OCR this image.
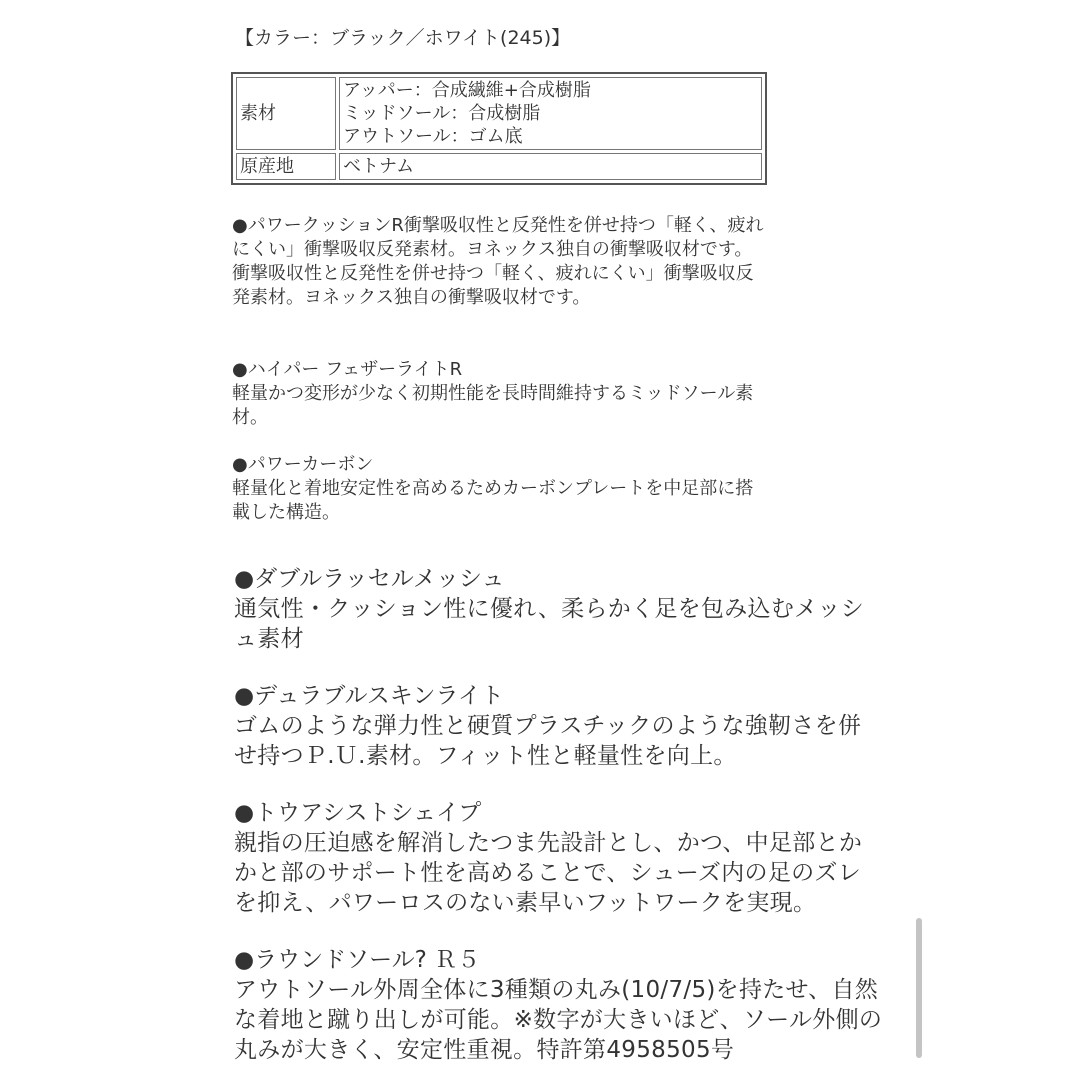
【カラー：ブラック／ホワイト(245)】
素材	アッパー：合成繊維+合成樹脂
ミッドソール：合成樹脂
アウトソール：ゴム底

原産地	ベトナム
●パワークッションR衝撃吸収性と反発性を併せ持つ「軽く、疲れにくい」衝撃吸収反発素材。ヨネックス独自の衝撃吸収材です。
衝撃吸収性と反発性を併せ持つ「軽く、疲れにくい」衝撃吸収反発素材。ヨネックス独自の衝撃吸収材です。
●ハイパー フェザーライトR
軽量かつ変形が少なく初期性能を長時間維持するミッドソール素材。
●パワーカーボン
軽量化と着地安定性を高めるためカーボンプレートを中足部に搭載した構造。
●ダブルラッセルメッシュ
通気性・クッション性に優れ、柔らかく足を包み込むメッシュ素材
●デュラブルスキンライト
ゴムのような弾力性と硬質プラスチックのような強靭さを併せ持つＰ.Ｕ.素材。フィット性と軽量性を向上。
●トウアシストシェイプ
親指の圧迫感を解消したつま先設計とし、かつ、中足部とかかと部のサポート性を高めることで、シューズ内の足のズレを抑え、パワーロスのない素早いフットワークを実現。
●ラウンドソール? Ｒ５
アウトソール外周全体に3種類の丸み(10/7/5)を持たせ、自然な着地と蹴り出しが可能。※数字が大きいほど、ソール外側の丸みが大きく、安定性重視。特許第4958505号
